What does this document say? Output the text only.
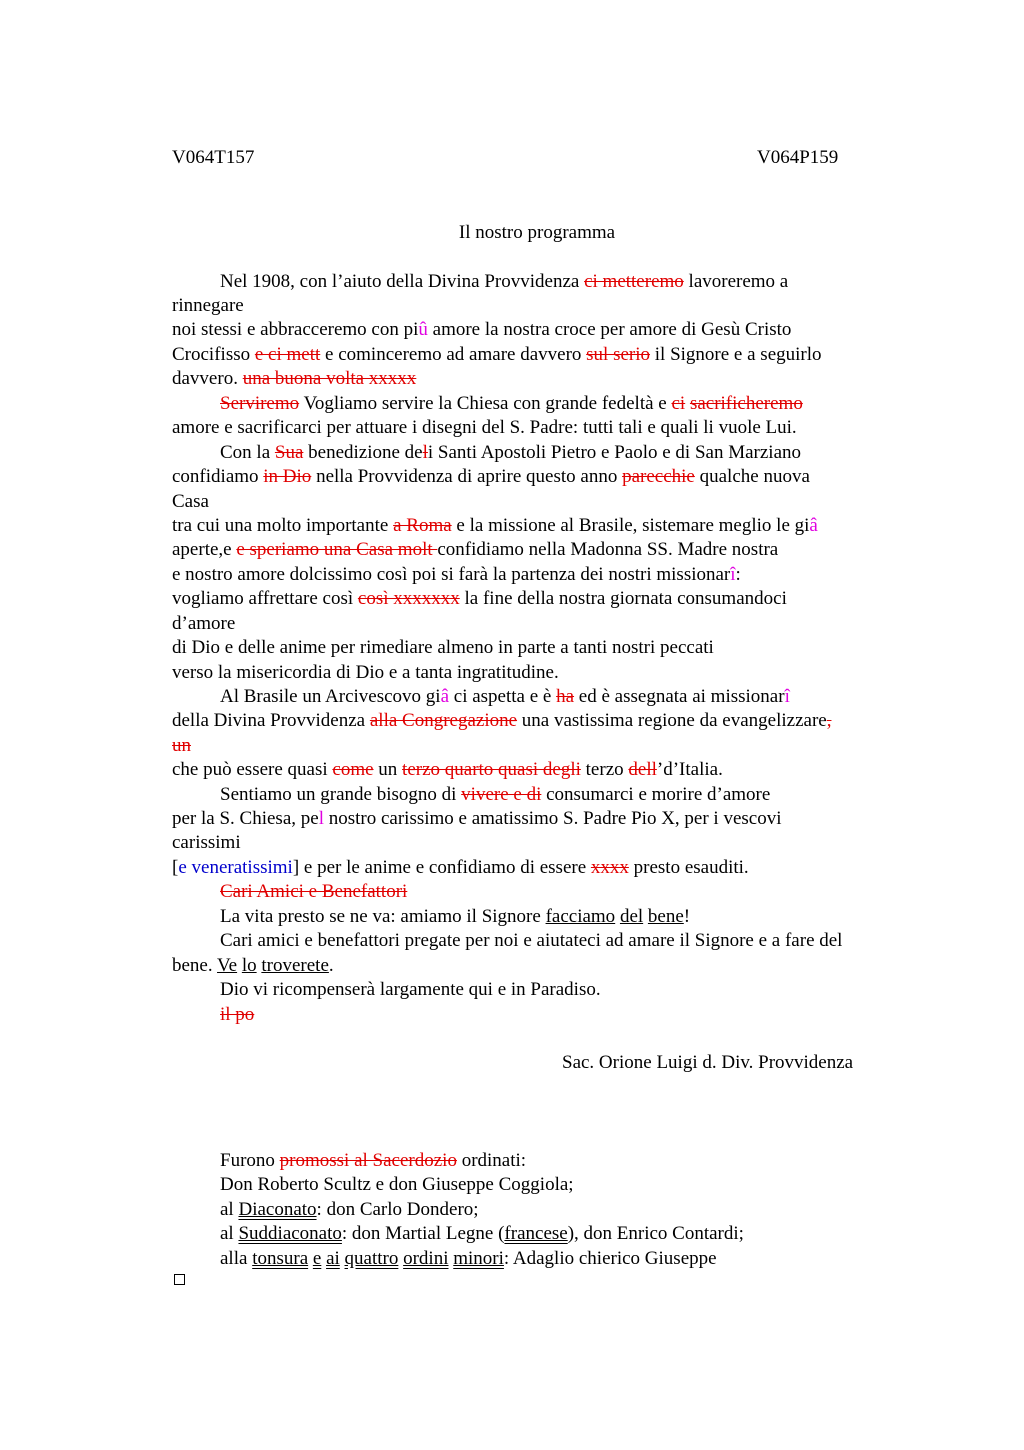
V064T157	V064P159
Il nostro programma
Nel 1908, con l’aiuto della Divina Provvidenza ci metteremo lavoreremo a
rinnegare
noi stessi e abbracceremo con piû amore la nostra croce per amore di Gesù Cristo
Crocifisso e ci mett e cominceremo ad amare davvero sul serio il Signore e a seguirlo
davvero. una buona volta xxxxx
Serviremo Vogliamo servire la Chiesa con grande fedeltà e ci sacrificheremo
amore e sacrificarci per attuare i disegni del S. Padre: tutti tali e quali li vuole Lui.
Con la Sua benedizione deli Santi Apostoli Pietro e Paolo e di San Marziano
confidiamo in Dio nella Provvidenza di aprire questo anno parecchie qualche nuova
Casa
tra cui una molto importante a Roma e la missione al Brasile, sistemare meglio le giâ
aperte,e e speriamo una Casa molt confidiamo nella Madonna SS. Madre nostra
e nostro amore dolcissimo così poi si farà la partenza dei nostri missionarî:
vogliamo affrettare così così xxxxxxx la fine della nostra giornata consumandoci
d’amore
di Dio e delle anime per rimediare almeno in parte a tanti nostri peccati
verso la misericordia di Dio e a tanta ingratitudine.
Al Brasile un Arcivescovo giâ ci aspetta e è ha ed è assegnata ai missionarî
della Divina Provvidenza alla Congregazione una vastissima regione da evangelizzare,
un
che può essere quasi come un terzo quarto quasi degli terzo dell’d’Italia.
Sentiamo un grande bisogno di vivere e di consumarci e morire d’amore
per la S. Chiesa, pel nostro carissimo e amatissimo S. Padre Pio X, per i vescovi
carissimi
[e veneratissimi] e per le anime e confidiamo di essere xxxx presto esauditi.
Cari Amici e Benefattori
La vita presto se ne va: amiamo il Signore facciamo del bene!
Cari amici e benefattori pregate per noi e aiutateci ad amare il Signore e a fare del
bene. Ve lo troverete.
Dio vi ricompenserà largamente qui e in Paradiso.
il po
Sac. Orione Luigi d. Div. Provvidenza
Furono promossi al Sacerdozio ordinati:
Don Roberto Scultz e don Giuseppe Coggiola;
al Diaconato: don Carlo Dondero;
al Suddiaconato: don Martial Legne (francese), don Enrico Contardi;
alla tonsura e ai quattro ordini minori: Adaglio chierico Giuseppe
